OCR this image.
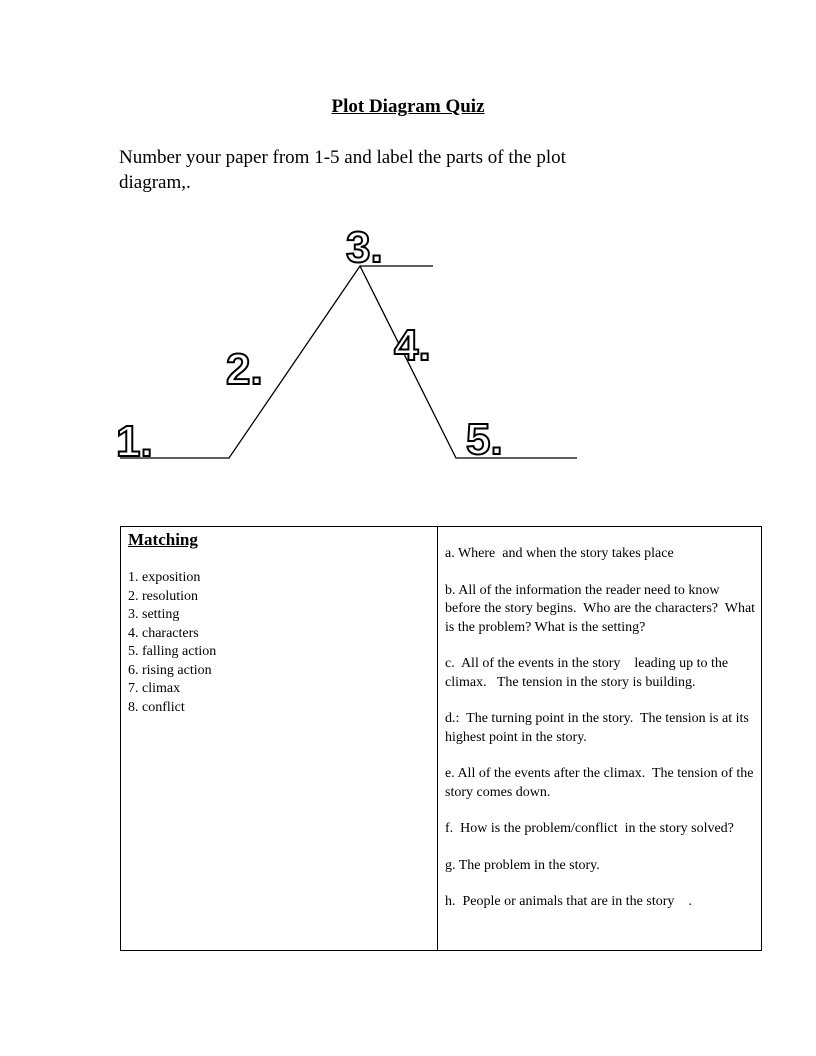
Plot Diagram Quiz
Number your paper from 1-5 and label the parts of the plot diagram,.
1.
2.
3.
4.
5.
Matching
1. exposition
2. resolution
3. setting
4. characters
5. falling action
6. rising action
7. climax
8. conflict
a. Where  and when the story takes place
b. All of the information the reader need to know before the story begins.  Who are the characters?  What is the problem? What is the setting?
c.  All of the events in the story    leading up to the climax.   The tension in the story is building.
d.:  The turning point in the story.  The tension is at its highest point in the story.
e. All of the events after the climax.  The tension of the story comes down.
f.  How is the problem/conflict  in the story solved?
g. The problem in the story.
h.  People or animals that are in the story    .
